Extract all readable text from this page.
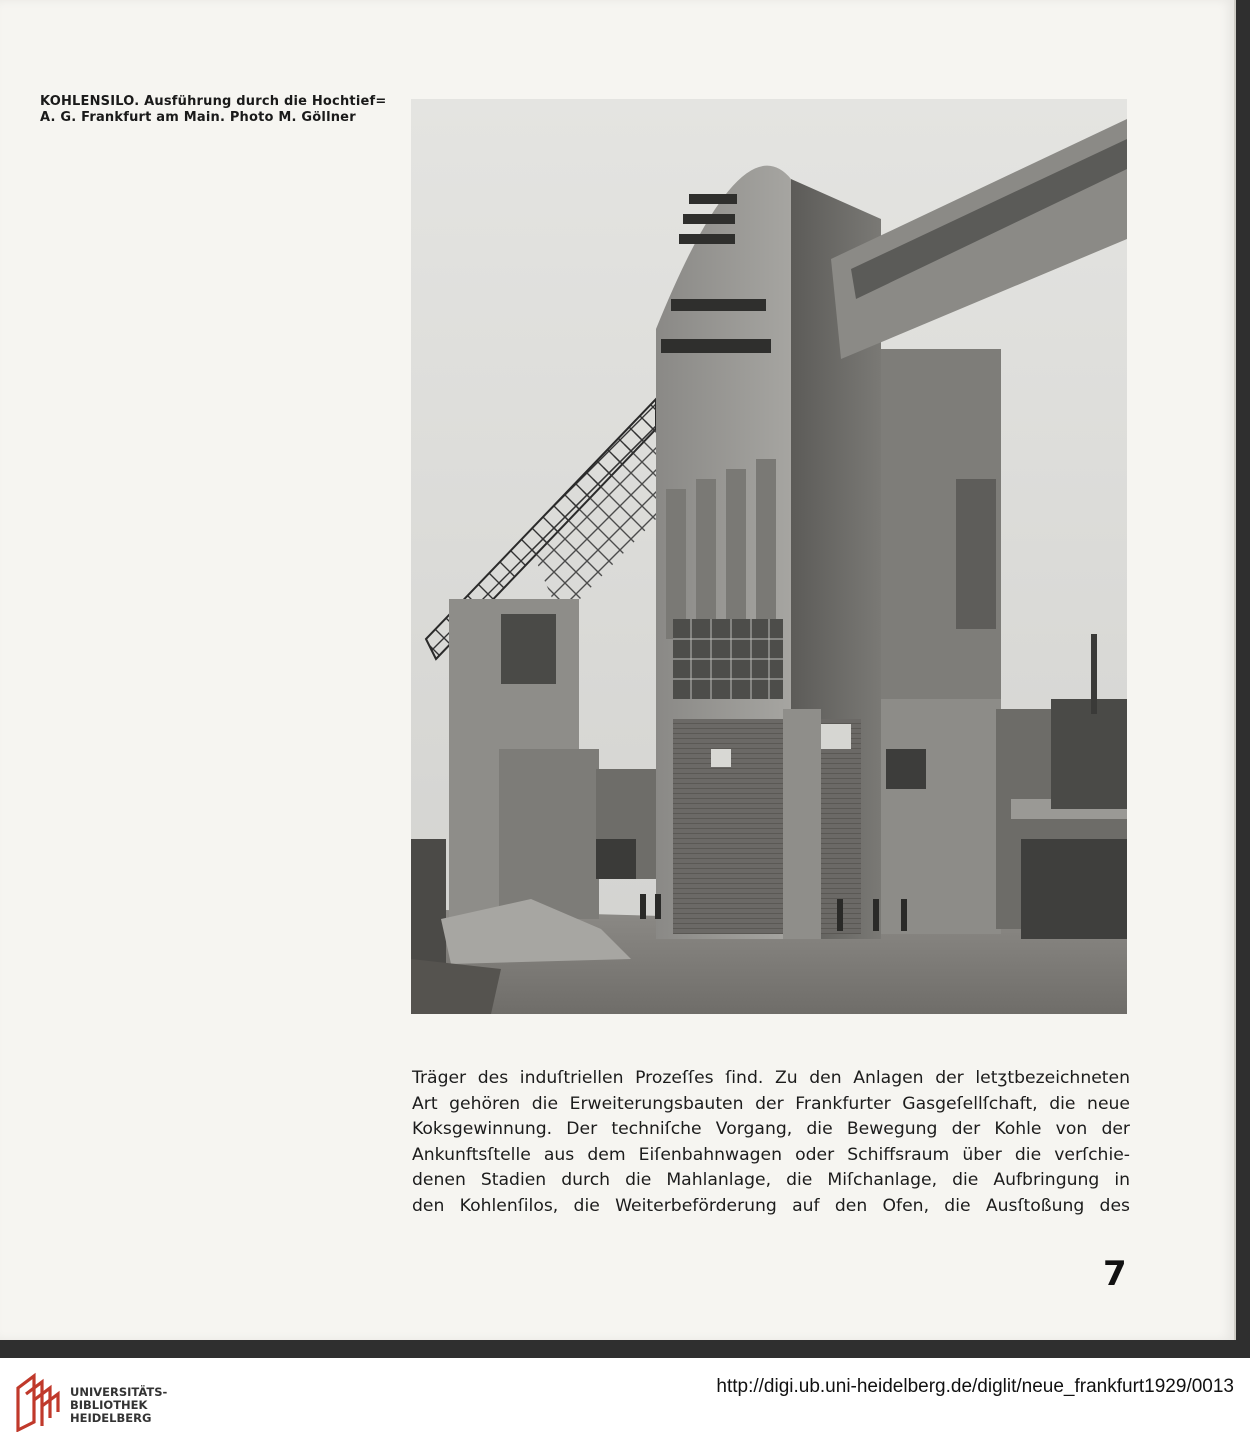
KOHLENSILO. Ausführung durch die Hochtief=
A. G. Frankfurt am Main. Photo M. Göllner
Träger des induſtriellen Prozeſſes ſind. Zu den Anlagen der letʒtbezeichneten
Art gehören die Erweiterungsbauten der Frankfurter Gasgeſellſchaft, die neue
Koksgewinnung. Der techniſche Vorgang, die Bewegung der Kohle von der
Ankunftsſtelle aus dem Eiſenbahnwagen oder Schiffsraum über die verſchie-
denen Stadien durch die Mahlanlage, die Miſchanlage, die Aufbringung in
den Kohlenſilos, die Weiterbeförderung auf den Ofen, die Ausſtoßung des
7
UNIVERSITÄTS-
BIBLIOTHEK
HEIDELBERG
http://digi.ub.uni-heidelberg.de/diglit/neue_frankfurt1929/0013
